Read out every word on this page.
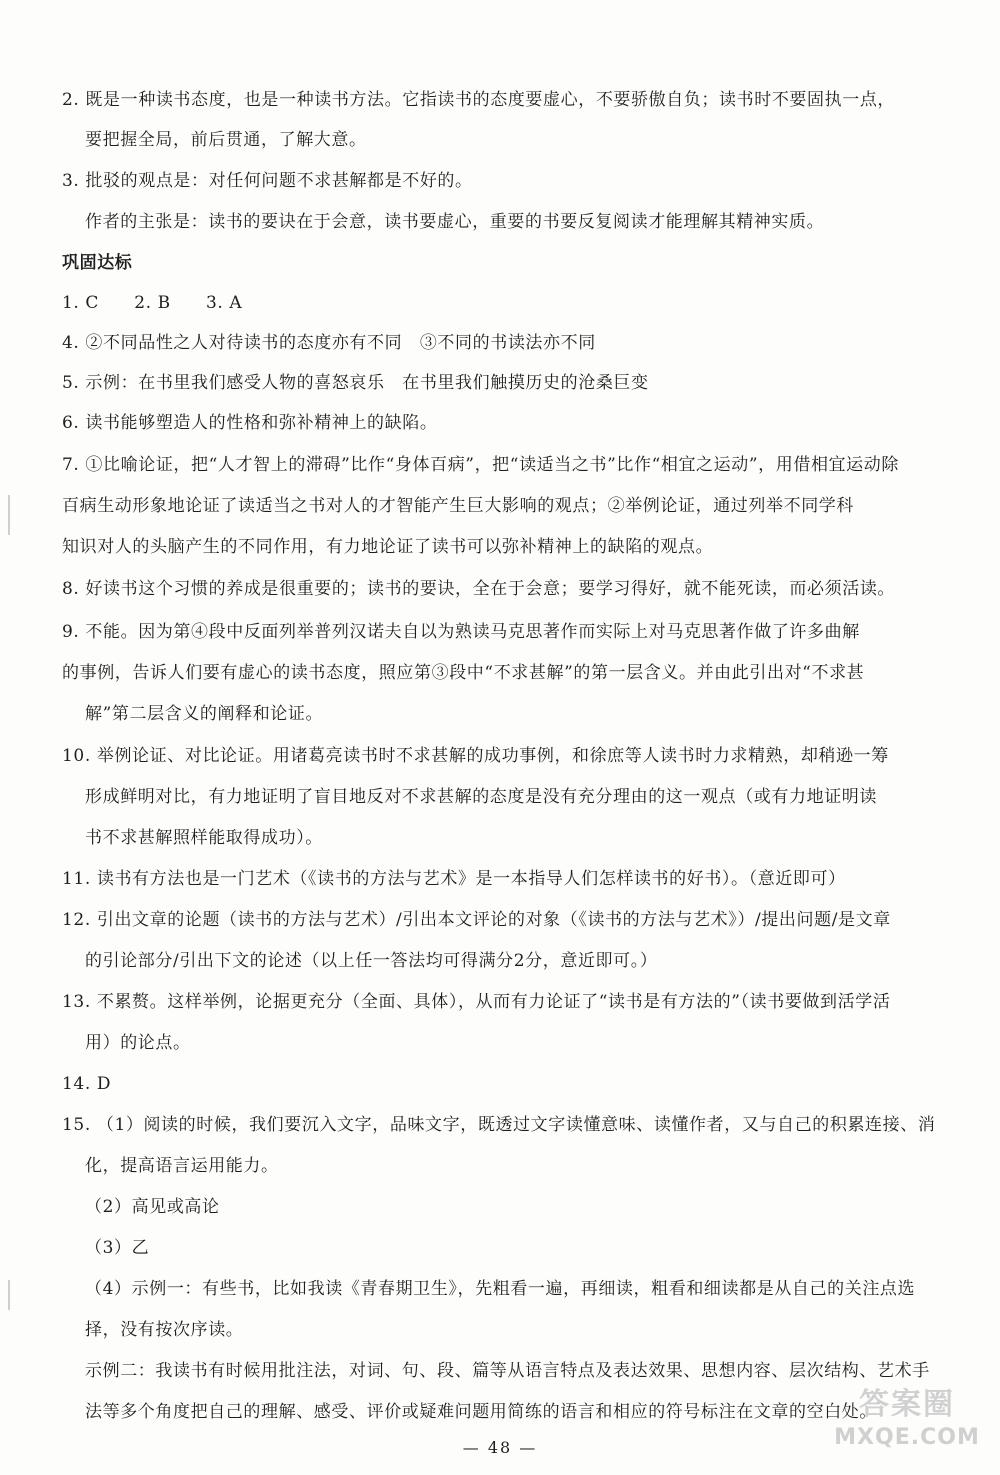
2. 既是一种读书态度，也是一种读书方法。它指读书的态度要虚心，不要骄傲自负；读书时不要固执一点，
要把握全局，前后贯通，了解大意。
3. 批驳的观点是：对任何问题不求甚解都是不好的。
作者的主张是：读书的要诀在于会意，读书要虚心，重要的书要反复阅读才能理解其精神实质。
巩固达标
1. C　　2. B　　3. A
4. ②不同品性之人对待读书的态度亦有不同　③不同的书读法亦不同
5. 示例：在书里我们感受人物的喜怒哀乐　在书里我们触摸历史的沧桑巨变
6. 读书能够塑造人的性格和弥补精神上的缺陷。
7. ①比喻论证，把“人才智上的滞碍”比作“身体百病”，把“读适当之书”比作“相宜之运动”，用借相宜运动除
百病生动形象地论证了读适当之书对人的才智能产生巨大影响的观点；②举例论证，通过列举不同学科
知识对人的头脑产生的不同作用，有力地论证了读书可以弥补精神上的缺陷的观点。
8. 好读书这个习惯的养成是很重要的；读书的要诀，全在于会意；要学习得好，就不能死读，而必须活读。
9. 不能。因为第④段中反面列举普列汉诺夫自以为熟读马克思著作而实际上对马克思著作做了许多曲解
的事例，告诉人们要有虚心的读书态度，照应第③段中“不求甚解”的第一层含义。并由此引出对“不求甚
解”第二层含义的阐释和论证。
10. 举例论证、对比论证。用诸葛亮读书时不求甚解的成功事例，和徐庶等人读书时力求精熟，却稍逊一筹
形成鲜明对比，有力地证明了盲目地反对不求甚解的态度是没有充分理由的这一观点（或有力地证明读
书不求甚解照样能取得成功）。
11. 读书有方法也是一门艺术（《读书的方法与艺术》是一本指导人们怎样读书的好书）。（意近即可）
12. 引出文章的论题（读书的方法与艺术）/引出本文评论的对象（《读书的方法与艺术》）/提出问题/是文章
的引论部分/引出下文的论述（以上任一答法均可得满分2分，意近即可。）
13. 不累赘。这样举例，论据更充分（全面、具体），从而有力论证了“读书是有方法的”（读书要做到活学活
用）的论点。
14. D
15. （1）阅读的时候，我们要沉入文字，品味文字，既透过文字读懂意味、读懂作者，又与自己的积累连接、消
化，提高语言运用能力。
（2）高见或高论
（3）乙
（4）示例一：有些书，比如我读《青春期卫生》，先粗看一遍，再细读，粗看和细读都是从自己的关注点选
择，没有按次序读。
示例二：我读书有时候用批注法，对词、句、段、篇等从语言特点及表达效果、思想内容、层次结构、艺术手
法等多个角度把自己的理解、感受、评价或疑难问题用简练的语言和相应的符号标注在文章的空白处。
— 48 —
答案圈
MXQE.COM
